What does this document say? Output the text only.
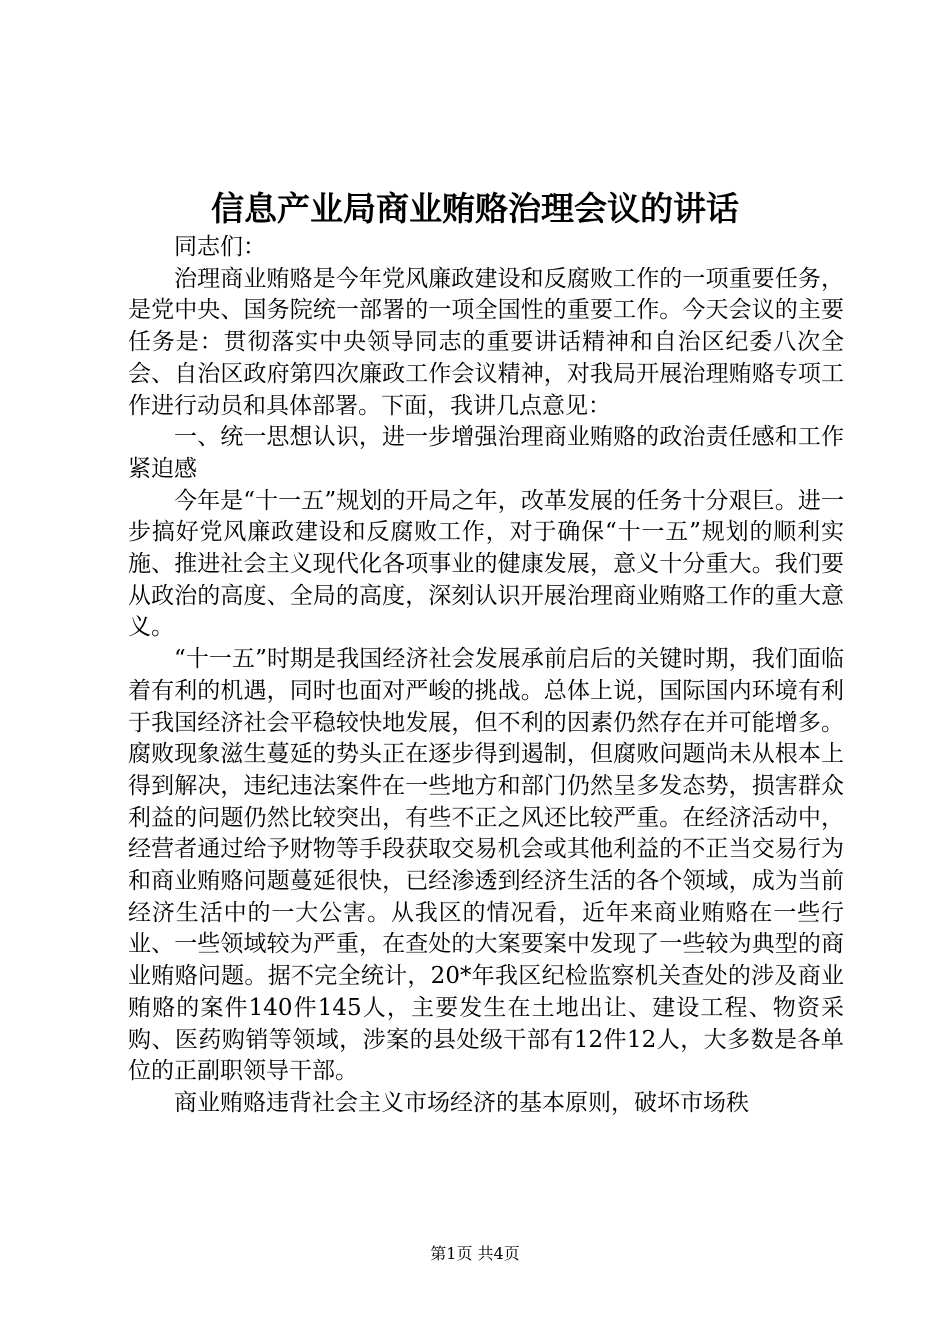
信息产业局商业贿赂治理会议的讲话

同志们：

治理商业贿赂是今年党风廉政建设和反腐败工作的一项重要任务，是党中央、国务院统一部署的一项全国性的重要工作。今天会议的主要任务是：贯彻落实中央领导同志的重要讲话精神和自治区纪委八次全会、自治区政府第四次廉政工作会议精神，对我局开展治理贿赂专项工作进行动员和具体部署。下面，我讲几点意见：

一、统一思想认识，进一步增强治理商业贿赂的政治责任感和工作紧迫感

今年是“十一五”规划的开局之年，改革发展的任务十分艰巨。进一步搞好党风廉政建设和反腐败工作，对于确保“十一五”规划的顺利实施、推进社会主义现代化各项事业的健康发展，意义十分重大。我们要从政治的高度、全局的高度，深刻认识开展治理商业贿赂工作的重大意义。

“十一五”时期是我国经济社会发展承前启后的关键时期，我们面临着有利的机遇，同时也面对严峻的挑战。总体上说，国际国内环境有利于我国经济社会平稳较快地发展，但不利的因素仍然存在并可能增多。腐败现象滋生蔓延的势头正在逐步得到遏制，但腐败问题尚未从根本上得到解决，违纪违法案件在一些地方和部门仍然呈多发态势，损害群众利益的问题仍然比较突出，有些不正之风还比较严重。在经济活动中，经营者通过给予财物等手段获取交易机会或其他利益的不正当交易行为和商业贿赂问题蔓延很快，已经渗透到经济生活的各个领域，成为当前经济生活中的一大公害。从我区的情况看，近年来商业贿赂在一些行业、一些领域较为严重，在查处的大案要案中发现了一些较为典型的商业贿赂问题。据不完全统计，20*年我区纪检监察机关查处的涉及商业贿赂的案件140件145人，主要发生在土地出让、建设工程、物资采购、医药购销等领域，涉案的县处级干部有12件12人，大多数是各单位的正副职领导干部。

商业贿赂违背社会主义市场经济的基本原则，破坏市场秩

第1页 共4页
